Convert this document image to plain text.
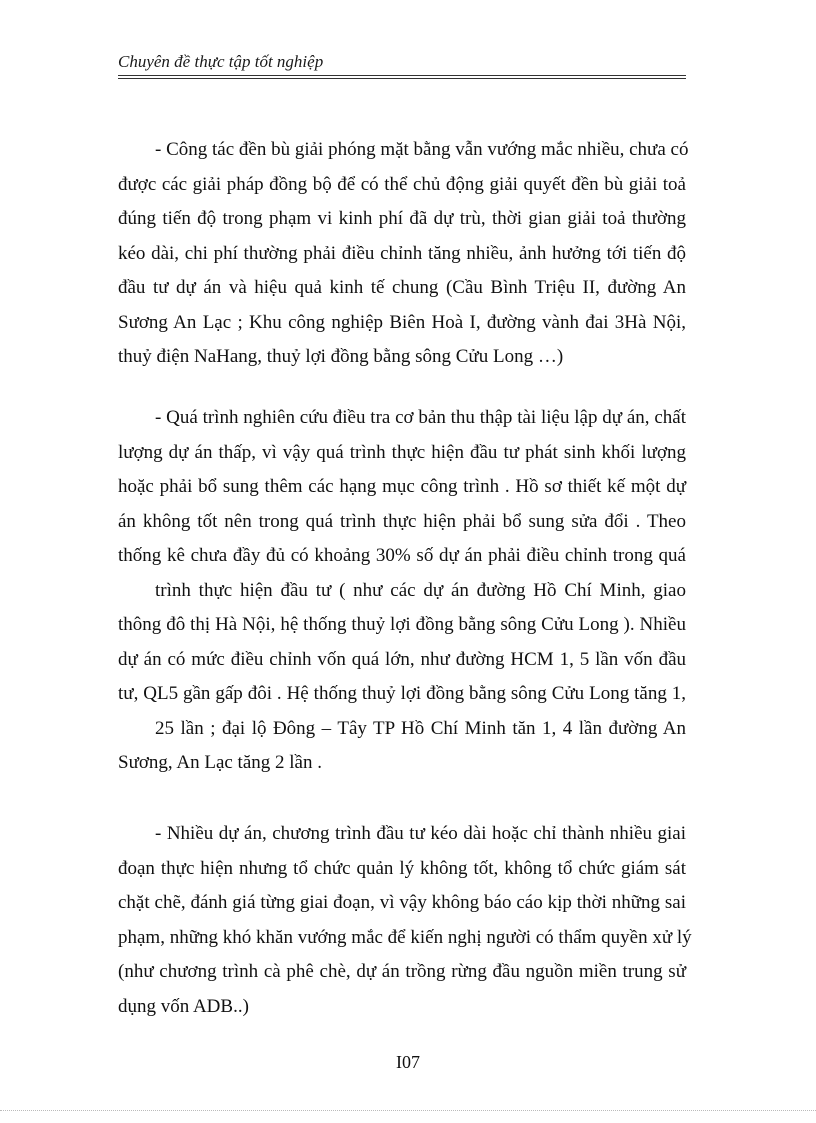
Chuyên đề thực tập tốt nghiệp
- Công tác đền bù giải phóng mặt bằng vẫn vướng mắc nhiều, chưa có
được các giải pháp đồng bộ để có thể chủ động giải quyết đền bù giải toả
đúng tiến độ trong phạm vi kinh phí đã dự trù, thời gian giải toả thường
kéo dài, chi phí thường phải điều chỉnh tăng nhiều, ảnh hưởng tới tiến độ
đầu tư dự án và hiệu quả kinh tế chung (Cầu Bình Triệu II, đường An
Sương An Lạc ; Khu công nghiệp Biên Hoà I, đường vành đai 3Hà Nội,
thuỷ điện NaHang, thuỷ lợi đồng bằng sông Cửu Long …)
- Quá trình nghiên cứu điều tra cơ bản thu thập tài liệu lập dự án, chất
lượng dự án thấp, vì vậy quá trình thực hiện đầu tư phát sinh khối lượng
hoặc phải bổ sung thêm các hạng mục công trình . Hồ sơ thiết kế một dự
án không tốt nên trong quá trình thực hiện phải bổ sung sửa đổi . Theo
thống kê chưa đầy đủ có khoảng 30% số dự án phải điều chỉnh trong quá
trình thực hiện đầu tư ( như các dự án đường Hồ Chí Minh, giao
thông đô thị Hà Nội, hệ thống thuỷ lợi đồng bằng sông Cửu Long ). Nhiều
dự án có mức điều chỉnh vốn quá lớn, như đường HCM 1, 5 lần vốn đầu
tư, QL5 gần gấp đôi . Hệ thống thuỷ lợi đồng bằng sông Cửu Long tăng 1,
25 lần ; đại lộ Đông – Tây TP Hồ Chí Minh tăn 1, 4 lần đường An
Sương, An Lạc tăng 2 lần .
- Nhiều dự án, chương trình đầu tư kéo dài hoặc chỉ thành nhiều giai
đoạn thực hiện nhưng tổ chức quản lý không tốt, không tổ chức giám sát
chặt chẽ, đánh giá từng giai đoạn, vì vậy không báo cáo kịp thời những sai
phạm, những khó khăn vướng mắc để kiến nghị người có thẩm quyền xử lý
(như chương trình cà phê chè, dự án trồng rừng đầu nguồn miền trung sử
dụng vốn ADB..)
I07
